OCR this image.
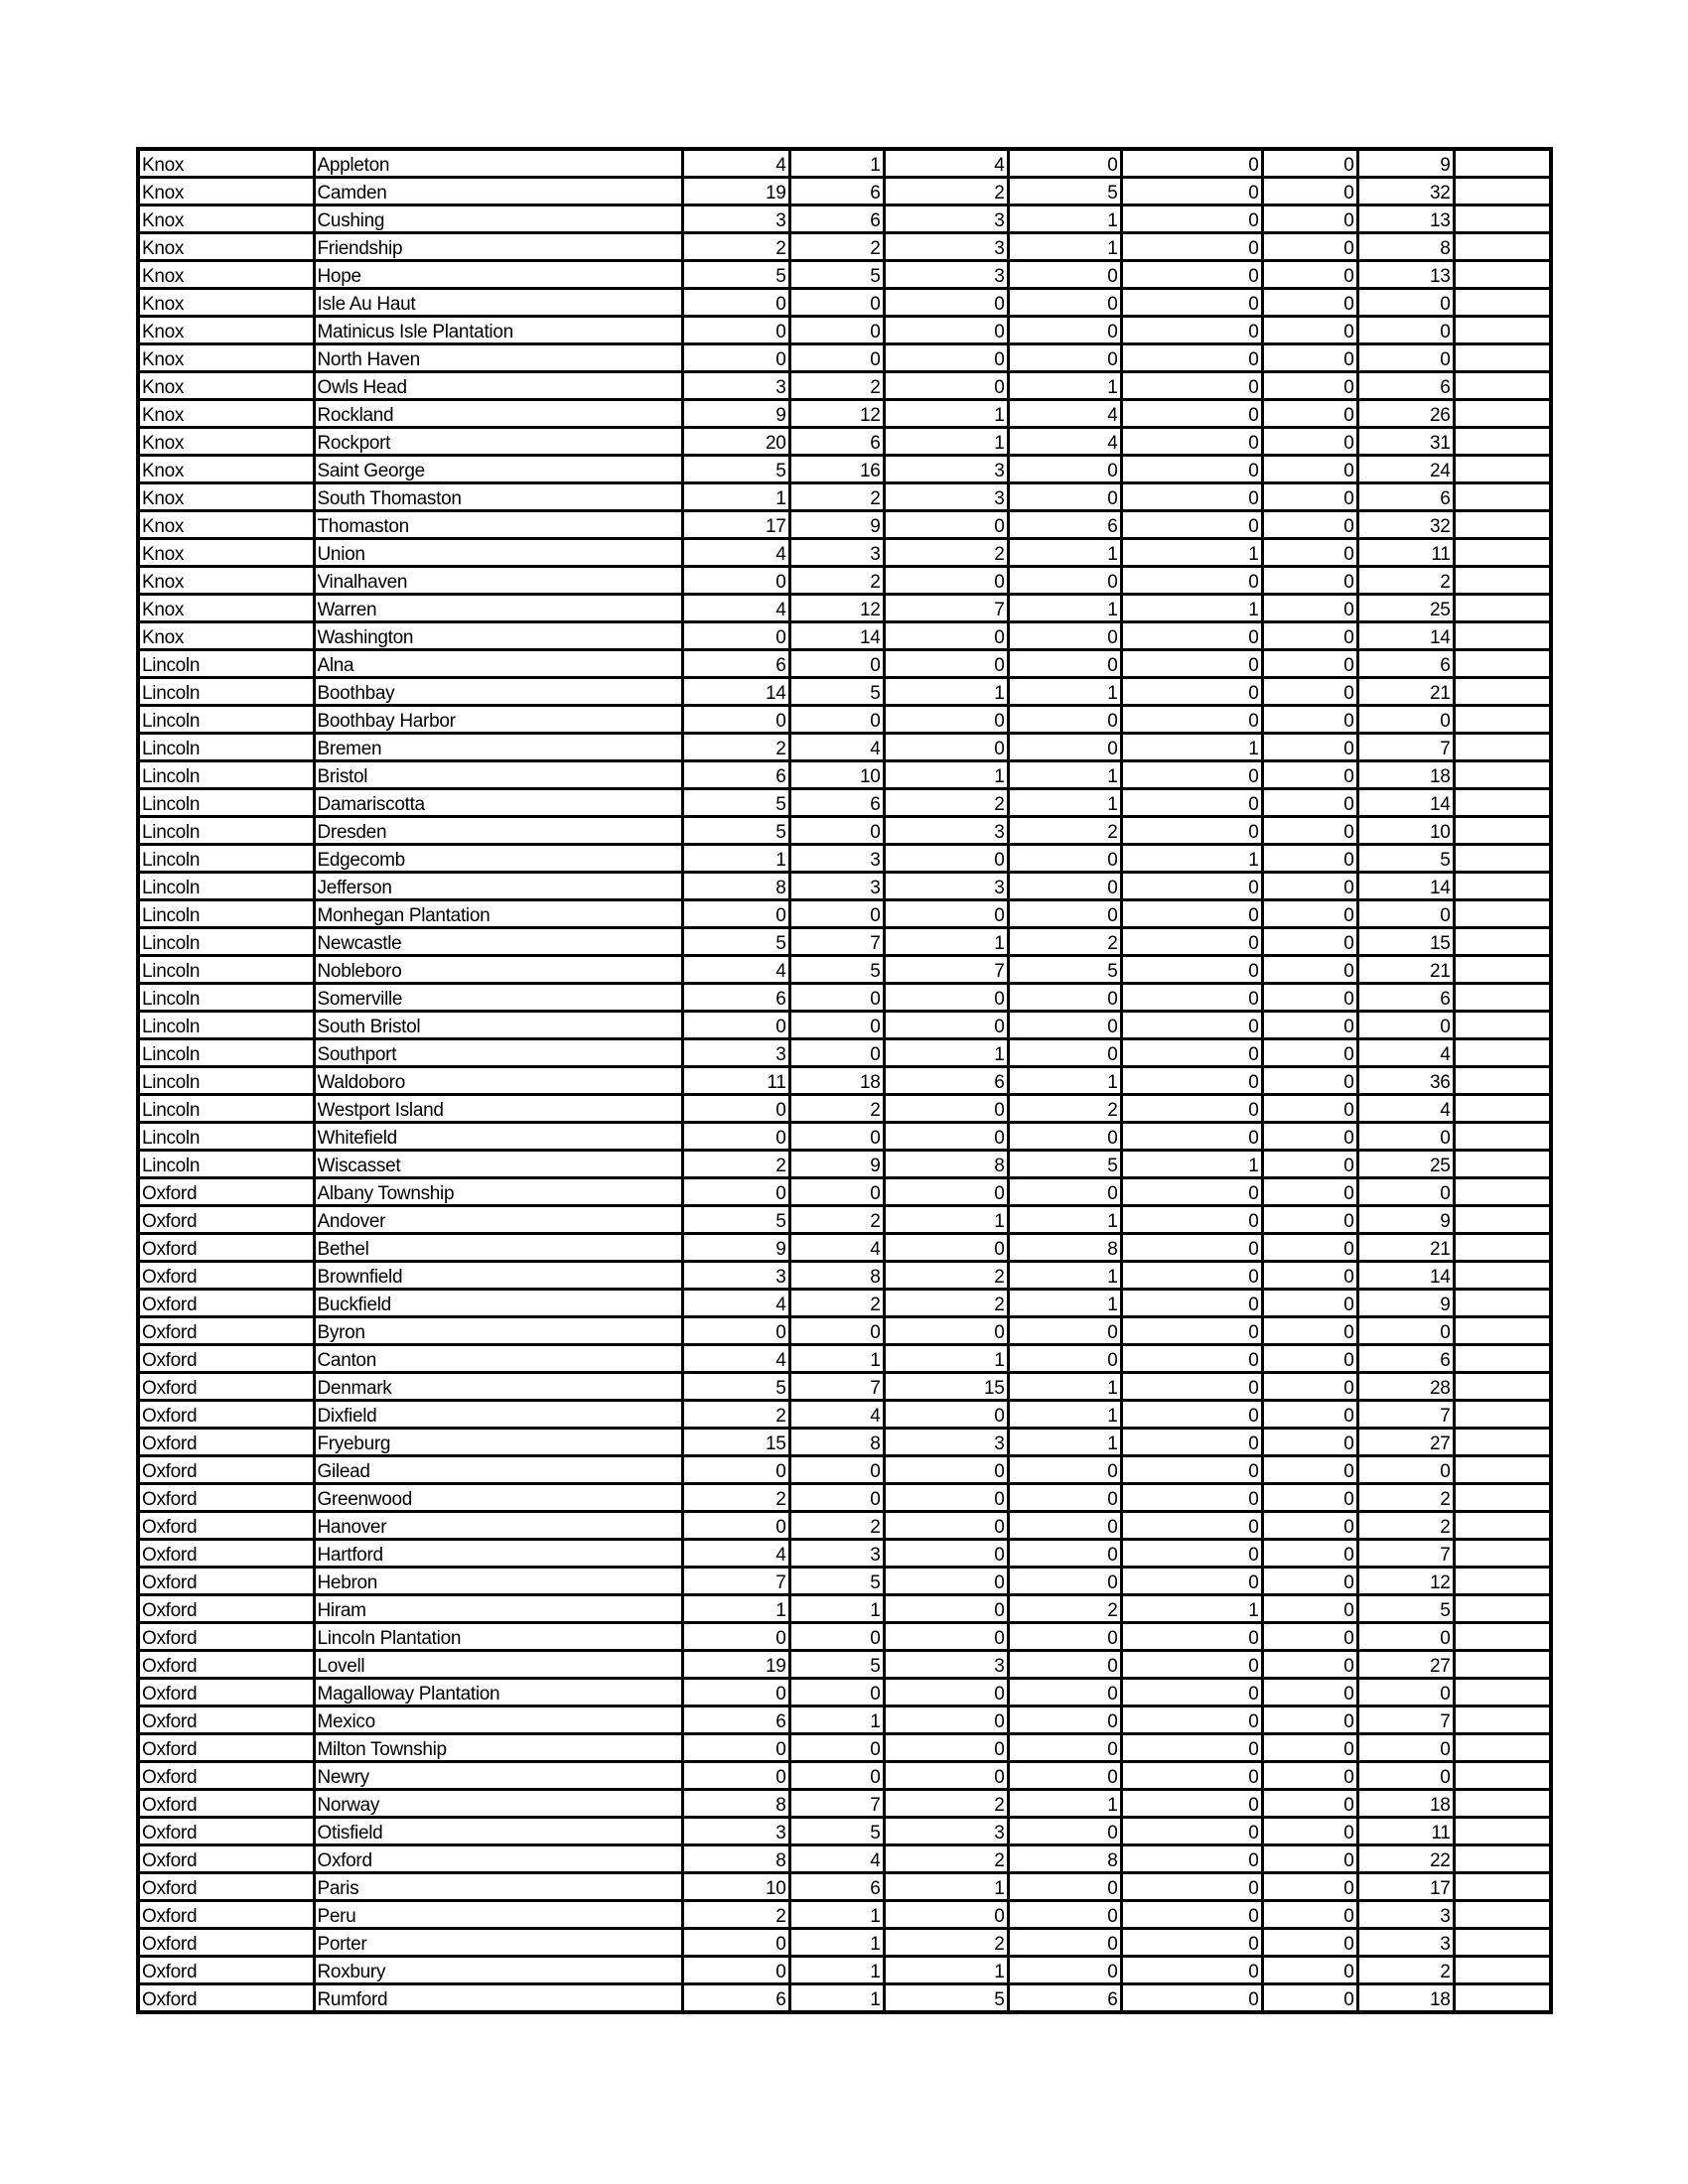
Knox	Appleton	4	1	4	0	0	0	9	
Knox	Camden	19	6	2	5	0	0	32	
Knox	Cushing	3	6	3	1	0	0	13	
Knox	Friendship	2	2	3	1	0	0	8	
Knox	Hope	5	5	3	0	0	0	13	
Knox	Isle Au Haut	0	0	0	0	0	0	0	
Knox	Matinicus Isle Plantation	0	0	0	0	0	0	0	
Knox	North Haven	0	0	0	0	0	0	0	
Knox	Owls Head	3	2	0	1	0	0	6	
Knox	Rockland	9	12	1	4	0	0	26	
Knox	Rockport	20	6	1	4	0	0	31	
Knox	Saint George	5	16	3	0	0	0	24	
Knox	South Thomaston	1	2	3	0	0	0	6	
Knox	Thomaston	17	9	0	6	0	0	32	
Knox	Union	4	3	2	1	1	0	11	
Knox	Vinalhaven	0	2	0	0	0	0	2	
Knox	Warren	4	12	7	1	1	0	25	
Knox	Washington	0	14	0	0	0	0	14	
Lincoln	Alna	6	0	0	0	0	0	6	
Lincoln	Boothbay	14	5	1	1	0	0	21	
Lincoln	Boothbay Harbor	0	0	0	0	0	0	0	
Lincoln	Bremen	2	4	0	0	1	0	7	
Lincoln	Bristol	6	10	1	1	0	0	18	
Lincoln	Damariscotta	5	6	2	1	0	0	14	
Lincoln	Dresden	5	0	3	2	0	0	10	
Lincoln	Edgecomb	1	3	0	0	1	0	5	
Lincoln	Jefferson	8	3	3	0	0	0	14	
Lincoln	Monhegan Plantation	0	0	0	0	0	0	0	
Lincoln	Newcastle	5	7	1	2	0	0	15	
Lincoln	Nobleboro	4	5	7	5	0	0	21	
Lincoln	Somerville	6	0	0	0	0	0	6	
Lincoln	South Bristol	0	0	0	0	0	0	0	
Lincoln	Southport	3	0	1	0	0	0	4	
Lincoln	Waldoboro	11	18	6	1	0	0	36	
Lincoln	Westport Island	0	2	0	2	0	0	4	
Lincoln	Whitefield	0	0	0	0	0	0	0	
Lincoln	Wiscasset	2	9	8	5	1	0	25	
Oxford	Albany Township	0	0	0	0	0	0	0	
Oxford	Andover	5	2	1	1	0	0	9	
Oxford	Bethel	9	4	0	8	0	0	21	
Oxford	Brownfield	3	8	2	1	0	0	14	
Oxford	Buckfield	4	2	2	1	0	0	9	
Oxford	Byron	0	0	0	0	0	0	0	
Oxford	Canton	4	1	1	0	0	0	6	
Oxford	Denmark	5	7	15	1	0	0	28	
Oxford	Dixfield	2	4	0	1	0	0	7	
Oxford	Fryeburg	15	8	3	1	0	0	27	
Oxford	Gilead	0	0	0	0	0	0	0	
Oxford	Greenwood	2	0	0	0	0	0	2	
Oxford	Hanover	0	2	0	0	0	0	2	
Oxford	Hartford	4	3	0	0	0	0	7	
Oxford	Hebron	7	5	0	0	0	0	12	
Oxford	Hiram	1	1	0	2	1	0	5	
Oxford	Lincoln Plantation	0	0	0	0	0	0	0	
Oxford	Lovell	19	5	3	0	0	0	27	
Oxford	Magalloway Plantation	0	0	0	0	0	0	0	
Oxford	Mexico	6	1	0	0	0	0	7	
Oxford	Milton Township	0	0	0	0	0	0	0	
Oxford	Newry	0	0	0	0	0	0	0	
Oxford	Norway	8	7	2	1	0	0	18	
Oxford	Otisfield	3	5	3	0	0	0	11	
Oxford	Oxford	8	4	2	8	0	0	22	
Oxford	Paris	10	6	1	0	0	0	17	
Oxford	Peru	2	1	0	0	0	0	3	
Oxford	Porter	0	1	2	0	0	0	3	
Oxford	Roxbury	0	1	1	0	0	0	2	
Oxford	Rumford	6	1	5	6	0	0	18	
